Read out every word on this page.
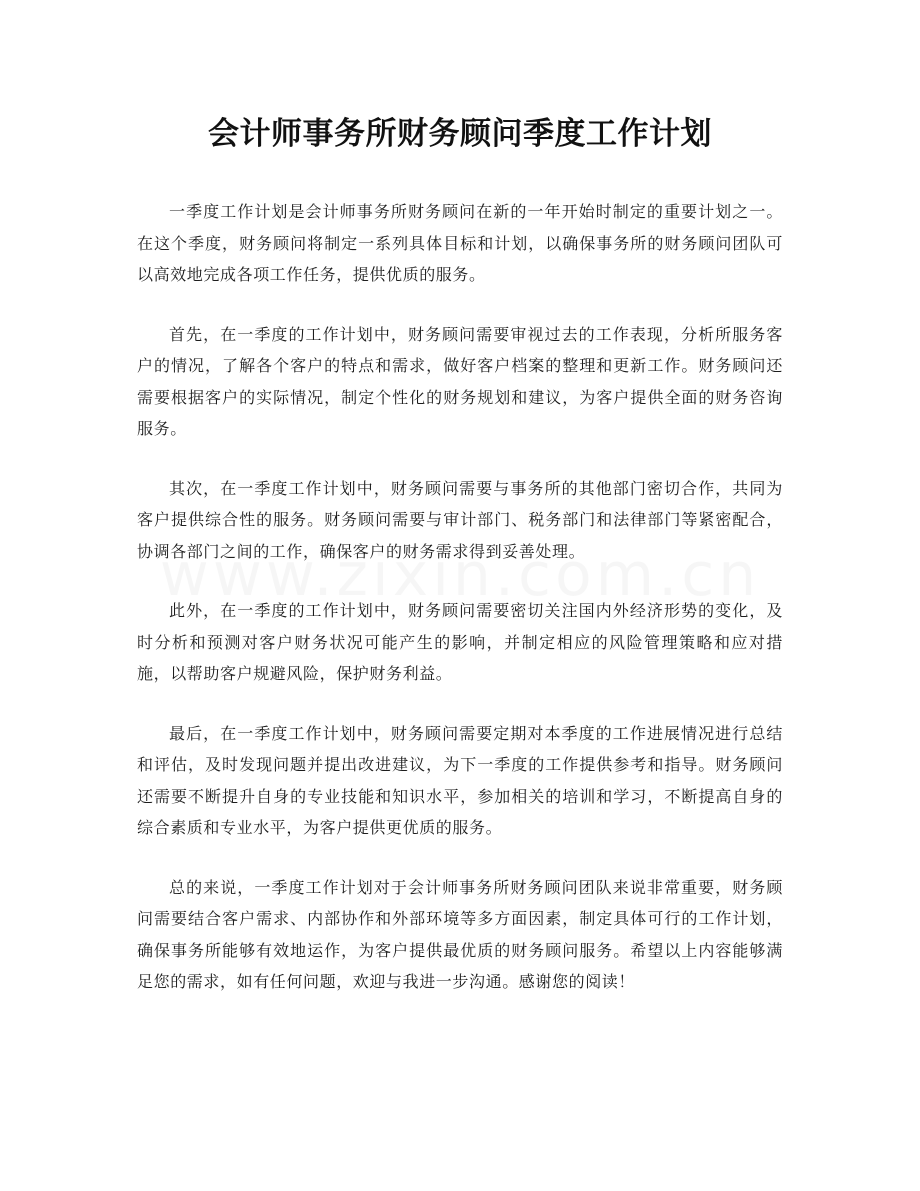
会计师事务所财务顾问季度工作计划

一季度工作计划是会计师事务所财务顾问在新的一年开始时制定的重要计划之一。在这个季度，财务顾问将制定一系列具体目标和计划，以确保事务所的财务顾问团队可以高效地完成各项工作任务，提供优质的服务。

首先，在一季度的工作计划中，财务顾问需要审视过去的工作表现，分析所服务客户的情况，了解各个客户的特点和需求，做好客户档案的整理和更新工作。财务顾问还需要根据客户的实际情况，制定个性化的财务规划和建议，为客户提供全面的财务咨询服务。

其次，在一季度工作计划中，财务顾问需要与事务所的其他部门密切合作，共同为客户提供综合性的服务。财务顾问需要与审计部门、税务部门和法律部门等紧密配合，协调各部门之间的工作，确保客户的财务需求得到妥善处理。

此外，在一季度的工作计划中，财务顾问需要密切关注国内外经济形势的变化，及时分析和预测对客户财务状况可能产生的影响，并制定相应的风险管理策略和应对措施，以帮助客户规避风险，保护财务利益。

最后，在一季度工作计划中，财务顾问需要定期对本季度的工作进展情况进行总结和评估，及时发现问题并提出改进建议，为下一季度的工作提供参考和指导。财务顾问还需要不断提升自身的专业技能和知识水平，参加相关的培训和学习，不断提高自身的综合素质和专业水平，为客户提供更优质的服务。

总的来说，一季度工作计划对于会计师事务所财务顾问团队来说非常重要，财务顾问需要结合客户需求、内部协作和外部环境等多方面因素，制定具体可行的工作计划，确保事务所能够有效地运作，为客户提供最优质的财务顾问服务。希望以上内容能够满足您的需求，如有任何问题，欢迎与我进一步沟通。感谢您的阅读！
